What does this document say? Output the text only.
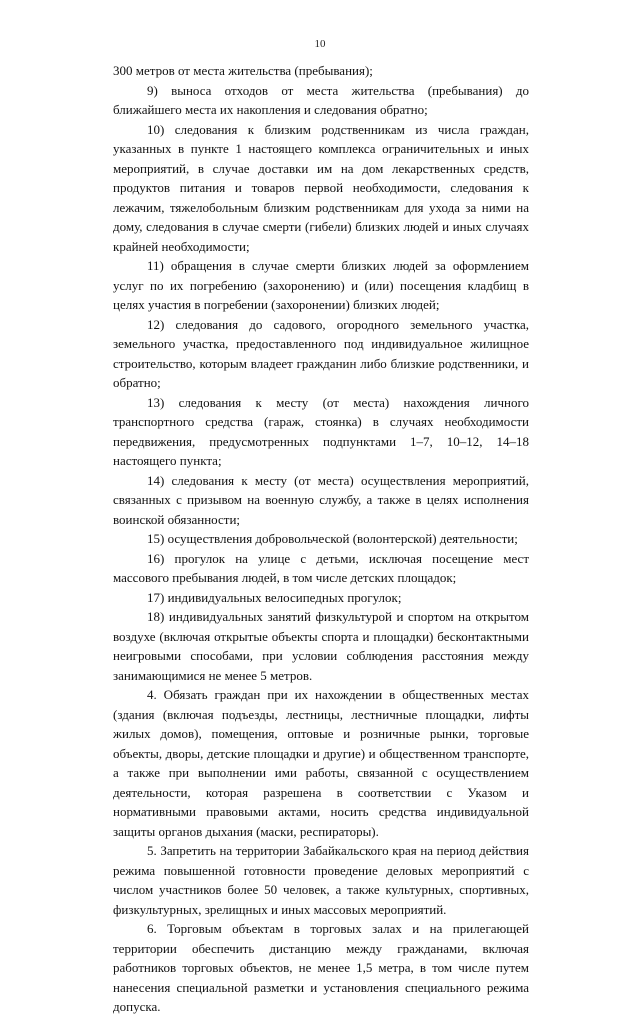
10

300 метров от места жительства (пребывания);

9) выноса отходов от места жительства (пребывания) до ближайшего места их накопления и следования обратно;

10) следования к близким родственникам из числа граждан, указанных в пункте 1 настоящего комплекса ограничительных и иных мероприятий, в случае доставки им на дом лекарственных средств, продуктов питания и товаров первой необходимости, следования к лежачим, тяжелобольным близким родственникам для ухода за ними на дому, следования в случае смерти (гибели) близких людей и иных случаях крайней необходимости;

11) обращения в случае смерти близких людей за оформлением услуг по их погребению (захоронению) и (или) посещения кладбищ в целях участия в погребении (захоронении) близких людей;

12) следования до садового, огородного земельного участка, земельного участка, предоставленного под индивидуальное жилищное строительство, которым владеет гражданин либо близкие родственники, и обратно;

13) следования к месту (от места) нахождения личного транспортного средства (гараж, стоянка) в случаях необходимости передвижения, предусмотренных подпунктами 1–7, 10–12, 14–18 настоящего пункта;

14) следования к месту (от места) осуществления мероприятий, связанных с призывом на военную службу, а также в целях исполнения воинской обязанности;

15) осуществления добровольческой (волонтерской) деятельности;

16) прогулок на улице с детьми, исключая посещение мест массового пребывания людей, в том числе детских площадок;

17) индивидуальных велосипедных прогулок;

18) индивидуальных занятий физкультурой и спортом на открытом воздухе (включая открытые объекты спорта и площадки) бесконтактными неигровыми способами, при условии соблюдения расстояния между занимающимися не менее 5 метров.

4. Обязать граждан при их нахождении в общественных местах (здания (включая подъезды, лестницы, лестничные площадки, лифты жилых домов), помещения, оптовые и розничные рынки, торговые объекты, дворы, детские площадки и другие) и общественном транспорте, а также при выполнении ими работы, связанной с осуществлением деятельности, которая разрешена в соответствии с Указом и нормативными правовыми актами, носить средства индивидуальной защиты органов дыхания (маски, респираторы).

5. Запретить на территории Забайкальского края на период действия режима повышенной готовности проведение деловых мероприятий с числом участников более 50 человек, а также культурных, спортивных, физкультурных, зрелищных и иных массовых мероприятий.

6. Торговым объектам в торговых залах и на прилегающей территории обеспечить дистанцию между гражданами, включая работников торговых объектов, не менее 1,5 метра, в том числе путем нанесения специальной разметки и установления специального режима допуска.
